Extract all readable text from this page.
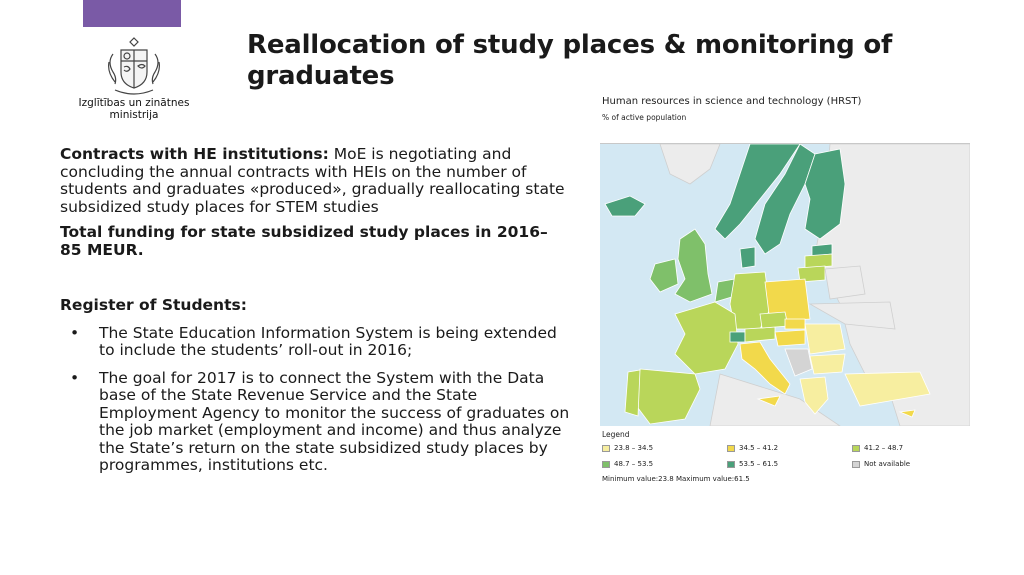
Izglītības un zinātnes
ministrija
Reallocation of study places & monitoring of graduates

Contracts with HE institutions: MoE is negotiating and concluding the annual contracts with HEIs on the number of students and graduates «produced», gradually reallocating state subsidized study places for STEM studies

Total funding for state subsidized study places in 2016– 85 MEUR.

Register of Students:

• The State Education Information System is being extended to include the students’ roll-out in 2016;
• The goal for 2017 is to connect the System with the Data base of the State Revenue Service and the State Employment Agency to monitor the success of graduates on the job market (employment and income) and thus analyze the State’s return on the state subsidized study places by programmes, institutions etc.
Human resources in science and technology (HRST)
% of active population
Legend
23.8 – 34.5	34.5 – 41.2	41.2 – 48.7
48.7 – 53.5	53.5 – 61.5	Not available
Minimum value:23.8 Maximum value:61.5
